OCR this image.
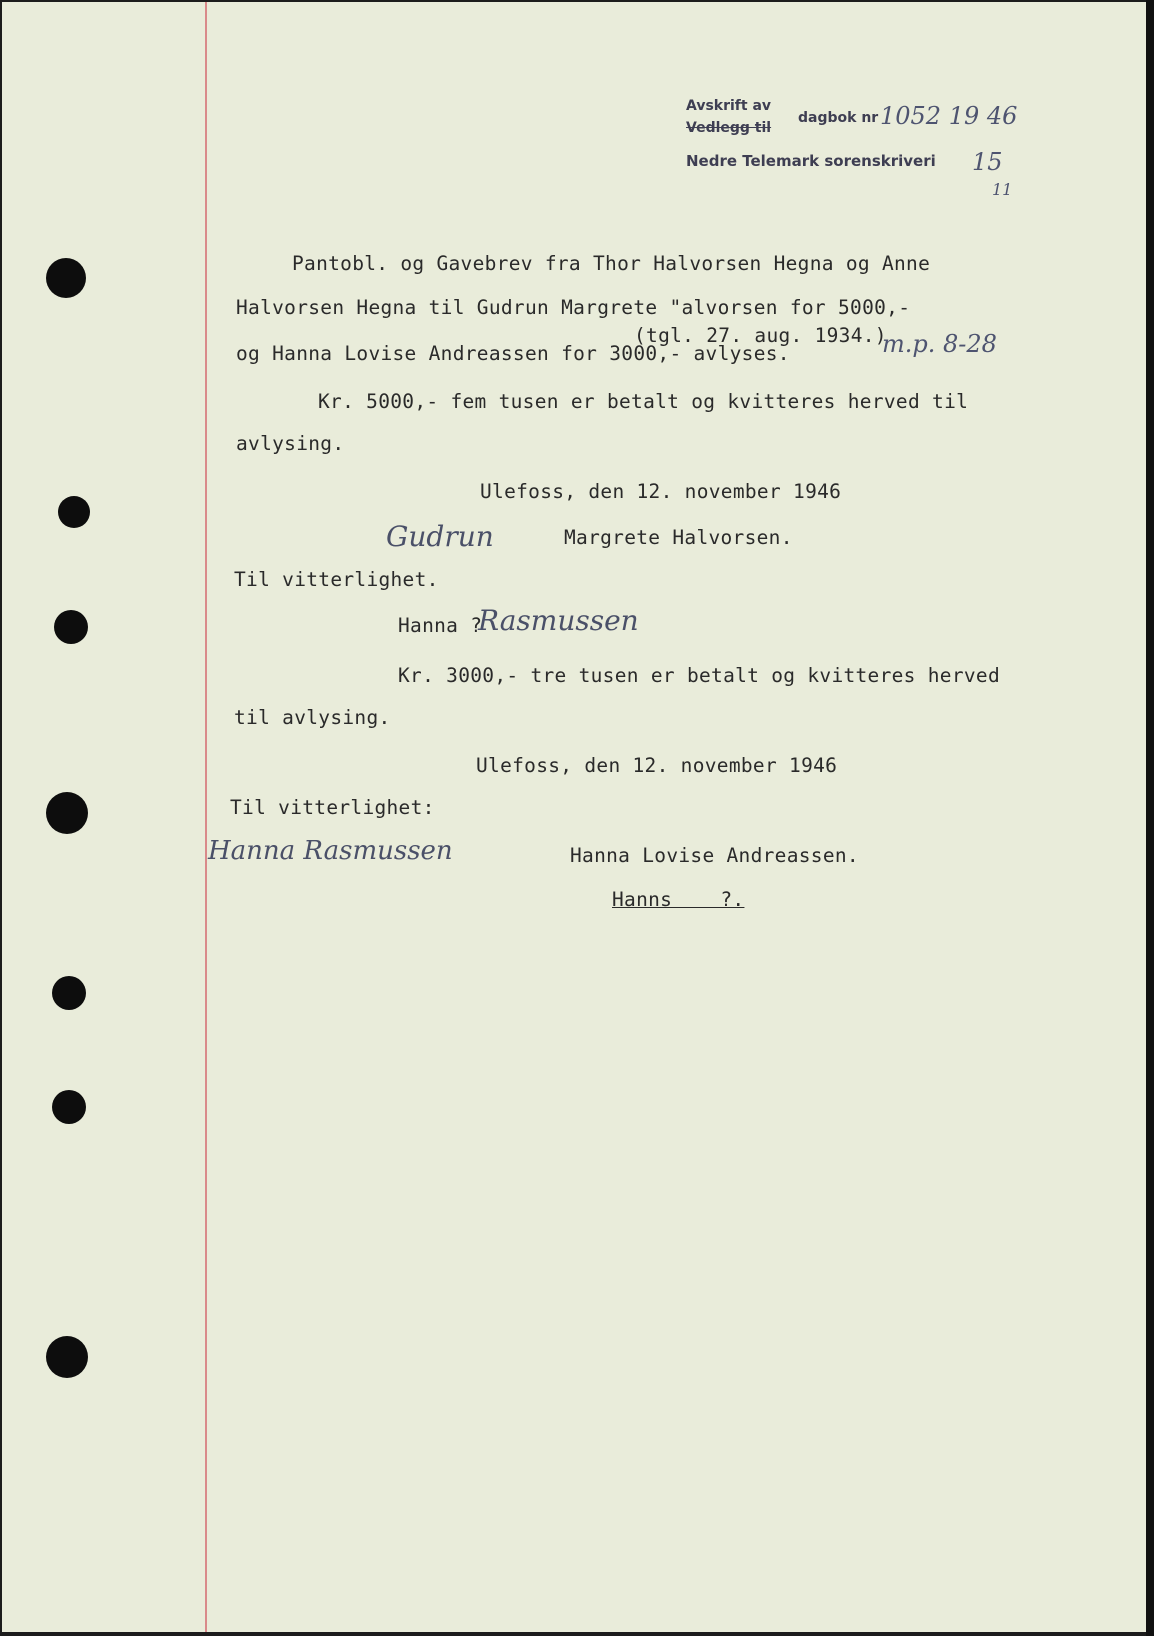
Avskrift av
Vedlegg til
dagbok nr 1052 19 46
Nedre Telemark sorenskriveri 15
11
Pantobl. og Gavebrev fra Thor Halvorsen Hegna og Anne
Halvorsen Hegna til Gudrun Margrete "alvorsen for 5000,-
(tgl. 27. aug. 1934.)
og Hanna Lovise Andreassen for 3000,- avlyses.	m.p. 8-28
Kr. 5000,- fem tusen er betalt og kvitteres herved til
avlysing.
Ulefoss, den 12. november 1946
Gudrun	Margrete Halvorsen.
Til vitterlighet.
Hanna ?
Rasmussen
Kr. 3000,- tre tusen er betalt og kvitteres herved
til avlysing.
Ulefoss, den 12. november 1946
Til vitterlighet:
Hanna Rasmussen	Hanna Lovise Andreassen.
Hanns    ?.
